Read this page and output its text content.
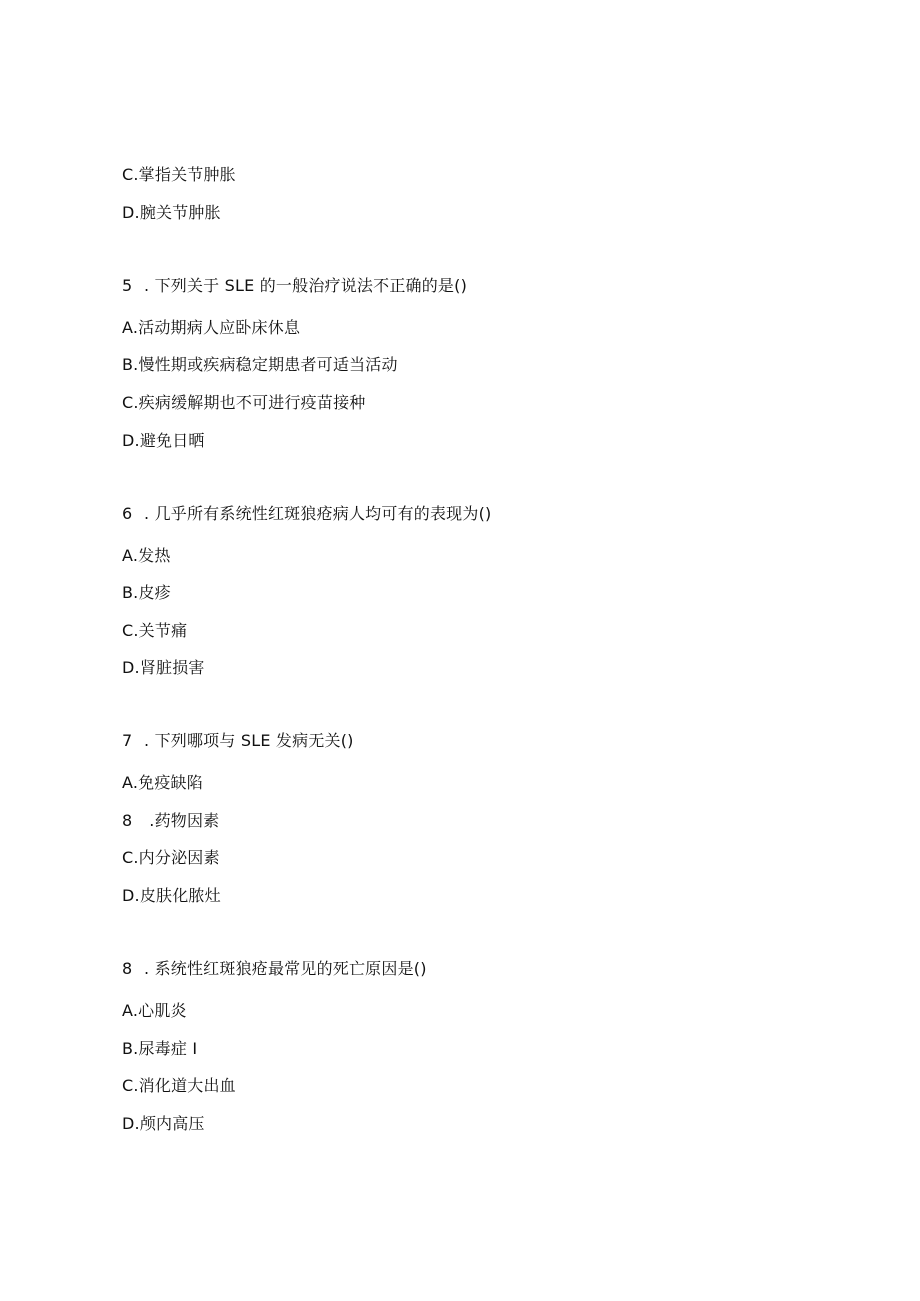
C.掌指关节肿胀
D.腕关节肿胀
5 . 下列关于 SLE 的一般治疗说法不正确的是()
A.活动期病人应卧床休息
B.慢性期或疾病稳定期患者可适当活动
C.疾病缓解期也不可进行疫苗接种
D.避免日晒
6 . 几乎所有系统性红斑狼疮病人均可有的表现为()
A.发热
B.皮疹
C.关节痛
D.肾脏损害
7 . 下列哪项与 SLE 发病无关()
A.免疫缺陷
8 .药物因素
C.内分泌因素
D.皮肤化脓灶
8 . 系统性红斑狼疮最常见的死亡原因是()
A.心肌炎
B.尿毒症 I
C.消化道大出血
D.颅内高压
